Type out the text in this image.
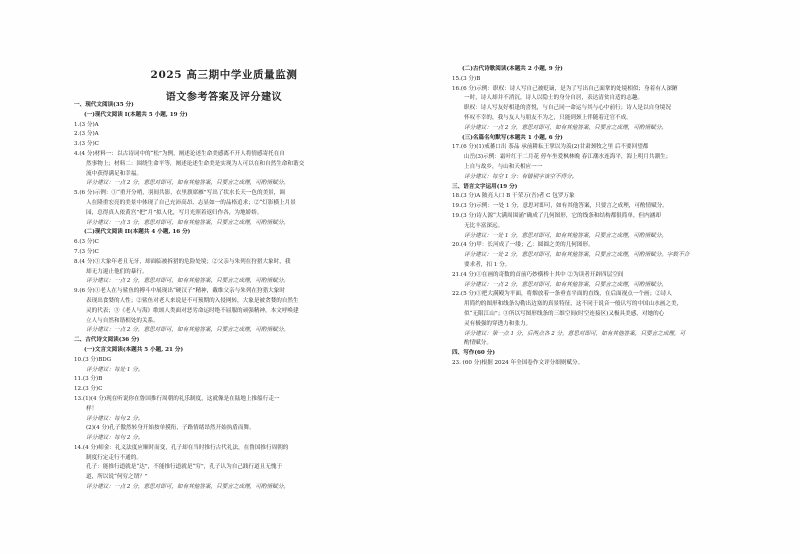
2025 高三期中学业质量监测
语文参考答案及评分建议
一、现代文阅读(35 分)
(一)现代文阅读 I(本题共 5 小题, 19 分)
1.(3 分)A
2.(3 分)A
3.(3 分)C
4.(4 分)材料一：以古诗词中的“松”为例，阐述论述生命美感离不开人将情感寄托在自
然事物上；材料二：围绕生命平等，阐述论述生命美是实现为人可以在和自然生命和谐交
流中获得满足和幸福。
评分建议：一点 2 分，意思对即可，如有其他答案，只要言之成理，可酌情赋分。
5.(6 分)示例：①“重开分哨，羽间共影，衣里旗席雁”写出了状水长天一色的美景，调
人在隆重宏亮的美景中体现了自己充沛高昂、志显如一的品格追求；②“灯影横上月景
园，总得真人依黄宫”把“月”拟人化，写月光照着返归作各，为地娇娇。
评分建议：一点 3 分，意思对即可，如有其他答案，只要言之成理，可酌情赋分。
(二)现代文阅读 II(本题共 4 小题, 16 分)
6.(3 分)C
7.(3 分)C
8.(4 分)①大象年老且无牙，却面临被拆猎的危险处境；②父亲与朱列在狩猎大象时，我
却无力遏止他们的暴行。
评分建议：一点 2 分，意思对即可，如有其他答案，只要言之成理，可酌情赋分。
9.(6 分)①老人在与鲨鱼的搏斗中展现出“硬汉子”精神，戴维父亲与朱列在狩猎大象时
表现出食婪的人性；②鲨鱼对老人来说是不可预期的入侵网转，大象是被贪婪的自然生
灵的代表；③《老人与海》歌颂人类面对恶劣命运时绝不屈服的顽强精神，本文呼唤建
立人与自然和谐相处的关系。
评分建议：一点 2 分，意思对即可，如有其他答案，只要言之成理，可酌情赋分。
二、古代诗文阅读(36 分)
(一)文言文阅读(本题共 5 小题, 21 分)
10.(3 分)BDG
评分建议：每处 1 分。
11.(3 分)B
12.(3 分)C
13.(1)(4 分)现在听说你在鲁国推行周朝的礼乐制度，这就像是在陆地上推船行走一
样！
评分建议：每句 2 分。
(2)(4 分)孔子傲然转身开始按单摸衔，子路情绪昂然开始执盾而舞。
评分建议：每句 2 分。
14.(4 分)师金：礼义法度应顺时而变，孔子却在当时推行古代礼法，在鲁国推行周朝的
制度行定走行不通的。
孔子：能推行道就是“达”，不能推行道就是“穷”，孔子认为自己践行道且无愧于
道，所以说“何穷之谓？”
评分建议：一点 2 分，意思对即可，如有其他答案，只要言之成理，可酌情赋分。
(二)古代诗歌阅读(本题共 2 小题, 9 分)
15.(3 分)B
16.(6 分)示例：职权：诗人写自己被贬谪，是为了写出自己面掌的处境相似；身着有人深陋
一时，诗人却并不消沉，诗人以隐士的身分自居，表达清贫自适的志趣。
职权：诗人写友好相逢的喜悦，与自己同一命运与其与心中前行；诗人是以自身境况
怀叹不幸的，我与友人与朋友不为之，只能到颈上伴随着迁官不成。
评分建议：一点 2 分，意思对即可，如有其他答案，只要言之成理，可酌情赋分。
(三)名篇名句默写(本题共 1 小题, 6 分)
17.(6 分)(1)戒蕃口出 茶品 承前耕耘王掌以为羡(2)甘肃颈牧之里 后不要回望都
山岳(3)示例：霜叶红于二月花 停车坐爱枫林晚 春江潮水连海平，海上明月共潮生；
上自与故乡，与山和天相应一一
评分建议：每空 1 分：有错别字该空不得分。
三、语言文字运用(19 分)
18.(3 分)A 陂亮人口 B 干荣万(吾)者 C 包罗万象
19.(3 分)示例：一处 1 分，意思对即可，如有其他答案，只要言之成理，可酌情赋分。
19.(3 分)诗人源“大满周围涌”确成了几何图形，它的线条和结构都很简单，但内涵却
无比丰富深远。
评分建议：一处 1 分，意思对即可，如有其他答案，只要言之成理，可酌情赋分。
20.(4 分)甲：长河成了一缕；乙：圆圆之美的几何图形。
评分建议：一处 2 分，意思对即可，如有其他答案，只要言之成理，可酌情赋分。字数不合
要求者，扣 1 分。
21.(4 分)①在画的奇数的首前巧妙横桥十其中 ②为读者开辟四层空间
评分建议：一点 2 分，意思对即可，如有其他答案，只要言之成理，可酌情赋分。
22.(5 分)①把大满殿为平面，将烟放着一条垂直平面的直线，在后面视点一个画；②诗人
用简约的图形和线条勾勒出边塞的真景特征，这不同于说音一般认写的中国山水画之美，
似“无限江山”；③所以写图形线条的三维空间(时空连接区)又极具美感，对她的心
灵有极强的穿透力和张力。
评分建议：第一点 1 分，后两点各 2 分，意思对即可，如有其他答案，只要言之成理，可
酌情赋分。
四、写作(60 分)
23. (60 分)根据 2024 年全国卷作文评分细则赋分。
